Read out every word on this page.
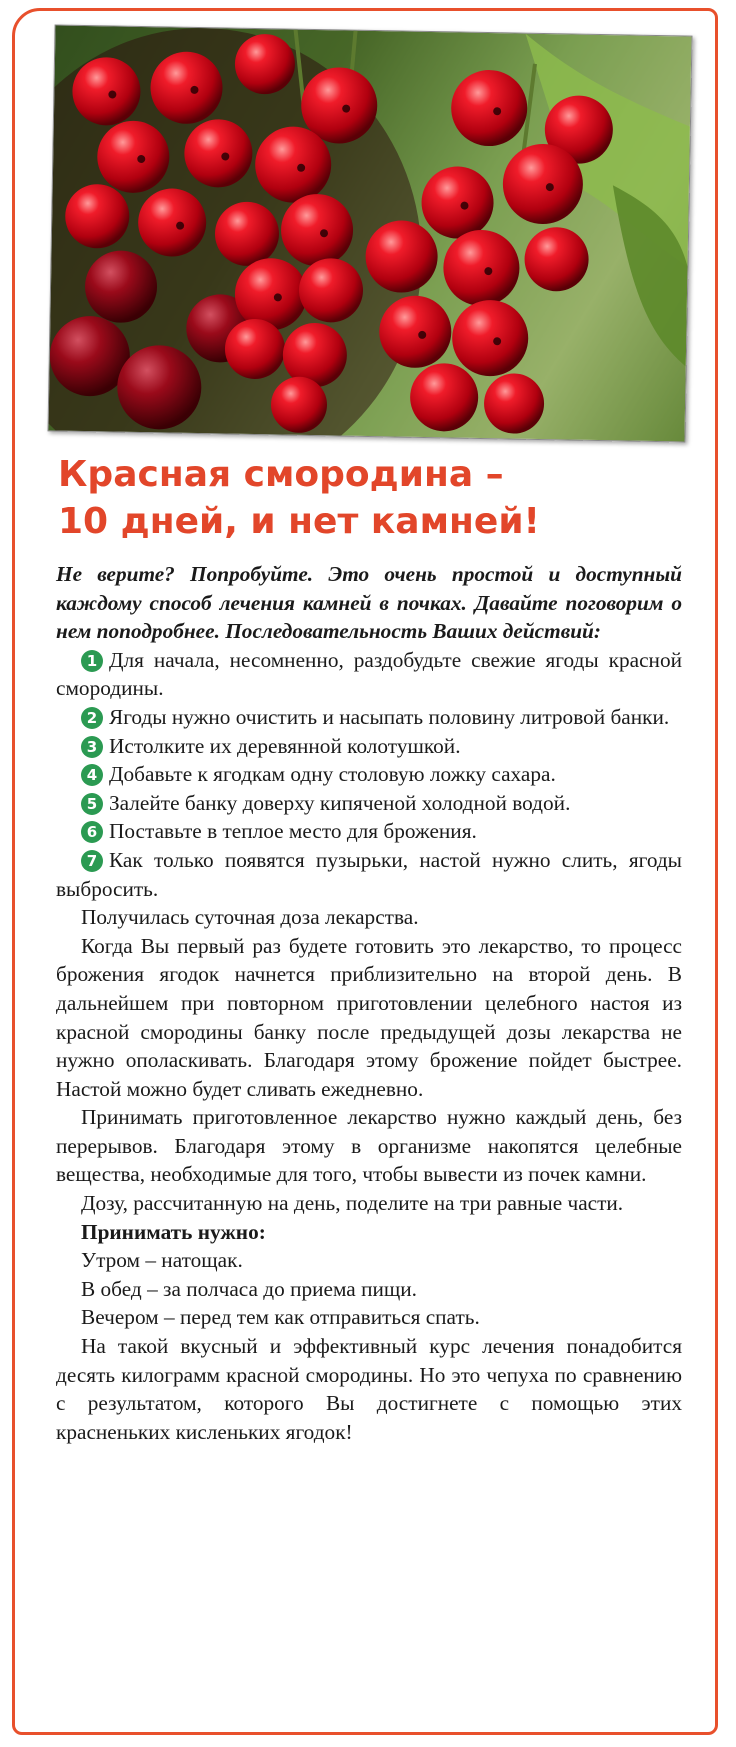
Красная смородина –
10 дней, и нет камней!

Не верите? Попробуйте. Это очень простой и доступный каждому способ лечения камней в почках. Давайте поговорим о нем поподробнее. Последовательность Ваших действий:

1 Для начала, несомненно, раздобудьте свежие ягоды красной смородины.
2 Ягоды нужно очистить и насыпать половину литровой банки.
3 Истолките их деревянной колотушкой.
4 Добавьте к ягодкам одну столовую ложку сахара.
5 Залейте банку доверху кипяченой холодной водой.
6 Поставьте в теплое место для брожения.
7 Как только появятся пузырьки, настой нужно слить, ягоды выбросить.

Получилась суточная доза лекарства.

Когда Вы первый раз будете готовить это лекарство, то процесс брожения ягодок начнется приблизительно на второй день. В дальнейшем при повторном приготовлении целебного настоя из красной смородины банку после предыдущей дозы лекарства не нужно ополаскивать. Благодаря этому брожение пойдет быстрее. Настой можно будет сливать ежедневно.

Принимать приготовленное лекарство нужно каждый день, без перерывов. Благодаря этому в организме накопятся целебные вещества, необходимые для того, чтобы вывести из почек камни.

Дозу, рассчитанную на день, поделите на три равные части.

Принимать нужно:

Утром – натощак.

В обед – за полчаса до приема пищи.

Вечером – перед тем как отправиться спать.

На такой вкусный и эффективный курс лечения понадобится десять килограмм красной смородины. Но это чепуха по сравнению с результатом, которого Вы достигнете с помощью этих красненьких кисленьких ягодок!
